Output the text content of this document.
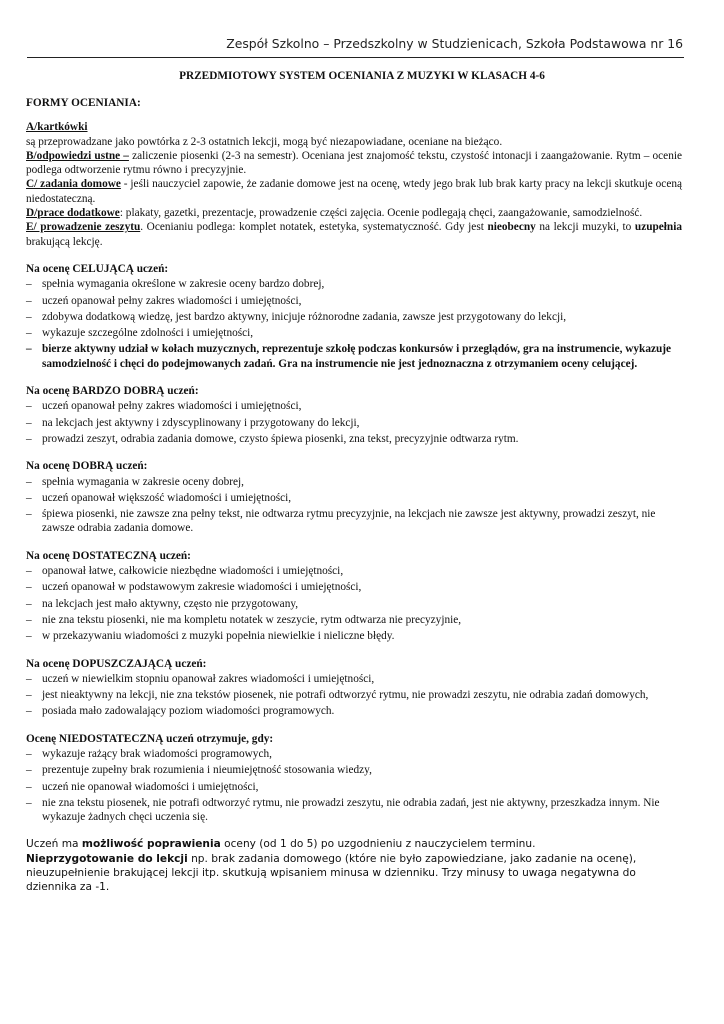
Zespół Szkolno – Przedszkolny w Studzienicach, Szkoła Podstawowa nr 16
PRZEDMIOTOWY SYSTEM OCENIANIA Z MUZYKI W KLASACH 4-6

FORMY OCENIANIA:

A/kartkówki

są przeprowadzane jako powtórka z 2-3 ostatnich lekcji, mogą być niezapowiadane, oceniane na bieżąco.

B/odpowiedzi ustne – zaliczenie piosenki (2-3 na semestr). Oceniana jest znajomość tekstu, czystość intonacji i zaangażowanie. Rytm – ocenie podlega odtworzenie rytmu równo i precyzyjnie.

C/ zadania domowe - jeśli nauczyciel zapowie, że zadanie domowe jest na ocenę, wtedy jego brak lub brak karty pracy na lekcji skutkuje oceną niedostateczną.

D/prace dodatkowe: plakaty, gazetki, prezentacje, prowadzenie części zajęcia. Ocenie podlegają chęci, zaangażowanie, samodzielność.

E/ prowadzenie zeszytu. Ocenianiu podlega: komplet notatek, estetyka, systematyczność. Gdy jest nieobecny na lekcji muzyki, to uzupełnia brakującą lekcję.

Na ocenę CELUJĄCĄ uczeń:

– spełnia wymagania określone w zakresie oceny bardzo dobrej,
– uczeń opanował pełny zakres wiadomości i umiejętności,
– zdobywa dodatkową wiedzę, jest bardzo aktywny, inicjuje różnorodne zadania, zawsze jest przygotowany do lekcji,
– wykazuje szczególne zdolności i umiejętności,
– bierze aktywny udział w kołach muzycznych, reprezentuje szkołę podczas konkursów i przeglądów, gra na instrumencie, wykazuje samodzielność i chęci do podejmowanych zadań. Gra na instrumencie nie jest jednoznaczna z otrzymaniem oceny celującej.

Na ocenę BARDZO DOBRĄ uczeń:

– uczeń opanował pełny zakres wiadomości i umiejętności,
– na lekcjach jest aktywny i zdyscyplinowany i przygotowany do lekcji,
– prowadzi zeszyt, odrabia zadania domowe, czysto śpiewa piosenki, zna tekst, precyzyjnie odtwarza rytm.

Na ocenę DOBRĄ uczeń:

– spełnia wymagania w zakresie oceny dobrej,
– uczeń opanował większość wiadomości i umiejętności,
– śpiewa piosenki, nie zawsze zna pełny tekst, nie odtwarza rytmu precyzyjnie, na lekcjach nie zawsze jest aktywny, prowadzi zeszyt, nie zawsze odrabia zadania domowe.

Na ocenę DOSTATECZNĄ uczeń:

– opanował łatwe, całkowicie niezbędne wiadomości i umiejętności,
– uczeń opanował w podstawowym zakresie wiadomości i umiejętności,
– na lekcjach jest mało aktywny, często nie przygotowany,
– nie zna tekstu piosenki, nie ma kompletu notatek w zeszycie, rytm odtwarza nie precyzyjnie,
– w przekazywaniu wiadomości z muzyki popełnia niewielkie i nieliczne błędy.

Na ocenę DOPUSZCZAJĄCĄ uczeń:

– uczeń w niewielkim stopniu opanował zakres wiadomości i umiejętności,
– jest nieaktywny na lekcji, nie zna tekstów piosenek, nie potrafi odtworzyć rytmu, nie prowadzi zeszytu, nie odrabia zadań domowych,
– posiada mało zadowalający poziom wiadomości programowych.

Ocenę NIEDOSTATECZNĄ uczeń otrzymuje, gdy:

– wykazuje rażący brak wiadomości programowych,
– prezentuje zupełny brak rozumienia i nieumiejętność stosowania wiedzy,
– uczeń nie opanował wiadomości i umiejętności,
– nie zna tekstu piosenek, nie potrafi odtworzyć rytmu, nie prowadzi zeszytu, nie odrabia zadań, jest nie aktywny, przeszkadza innym. Nie wykazuje żadnych chęci uczenia się.

Uczeń ma możliwość poprawienia oceny (od 1 do 5) po uzgodnieniu z nauczycielem terminu.

Nieprzygotowanie do lekcji np. brak zadania domowego (które nie było zapowiedziane, jako zadanie na ocenę), nieuzupełnienie brakującej lekcji itp. skutkują wpisaniem minusa w dzienniku. Trzy minusy to uwaga negatywna do dziennika za -1.
